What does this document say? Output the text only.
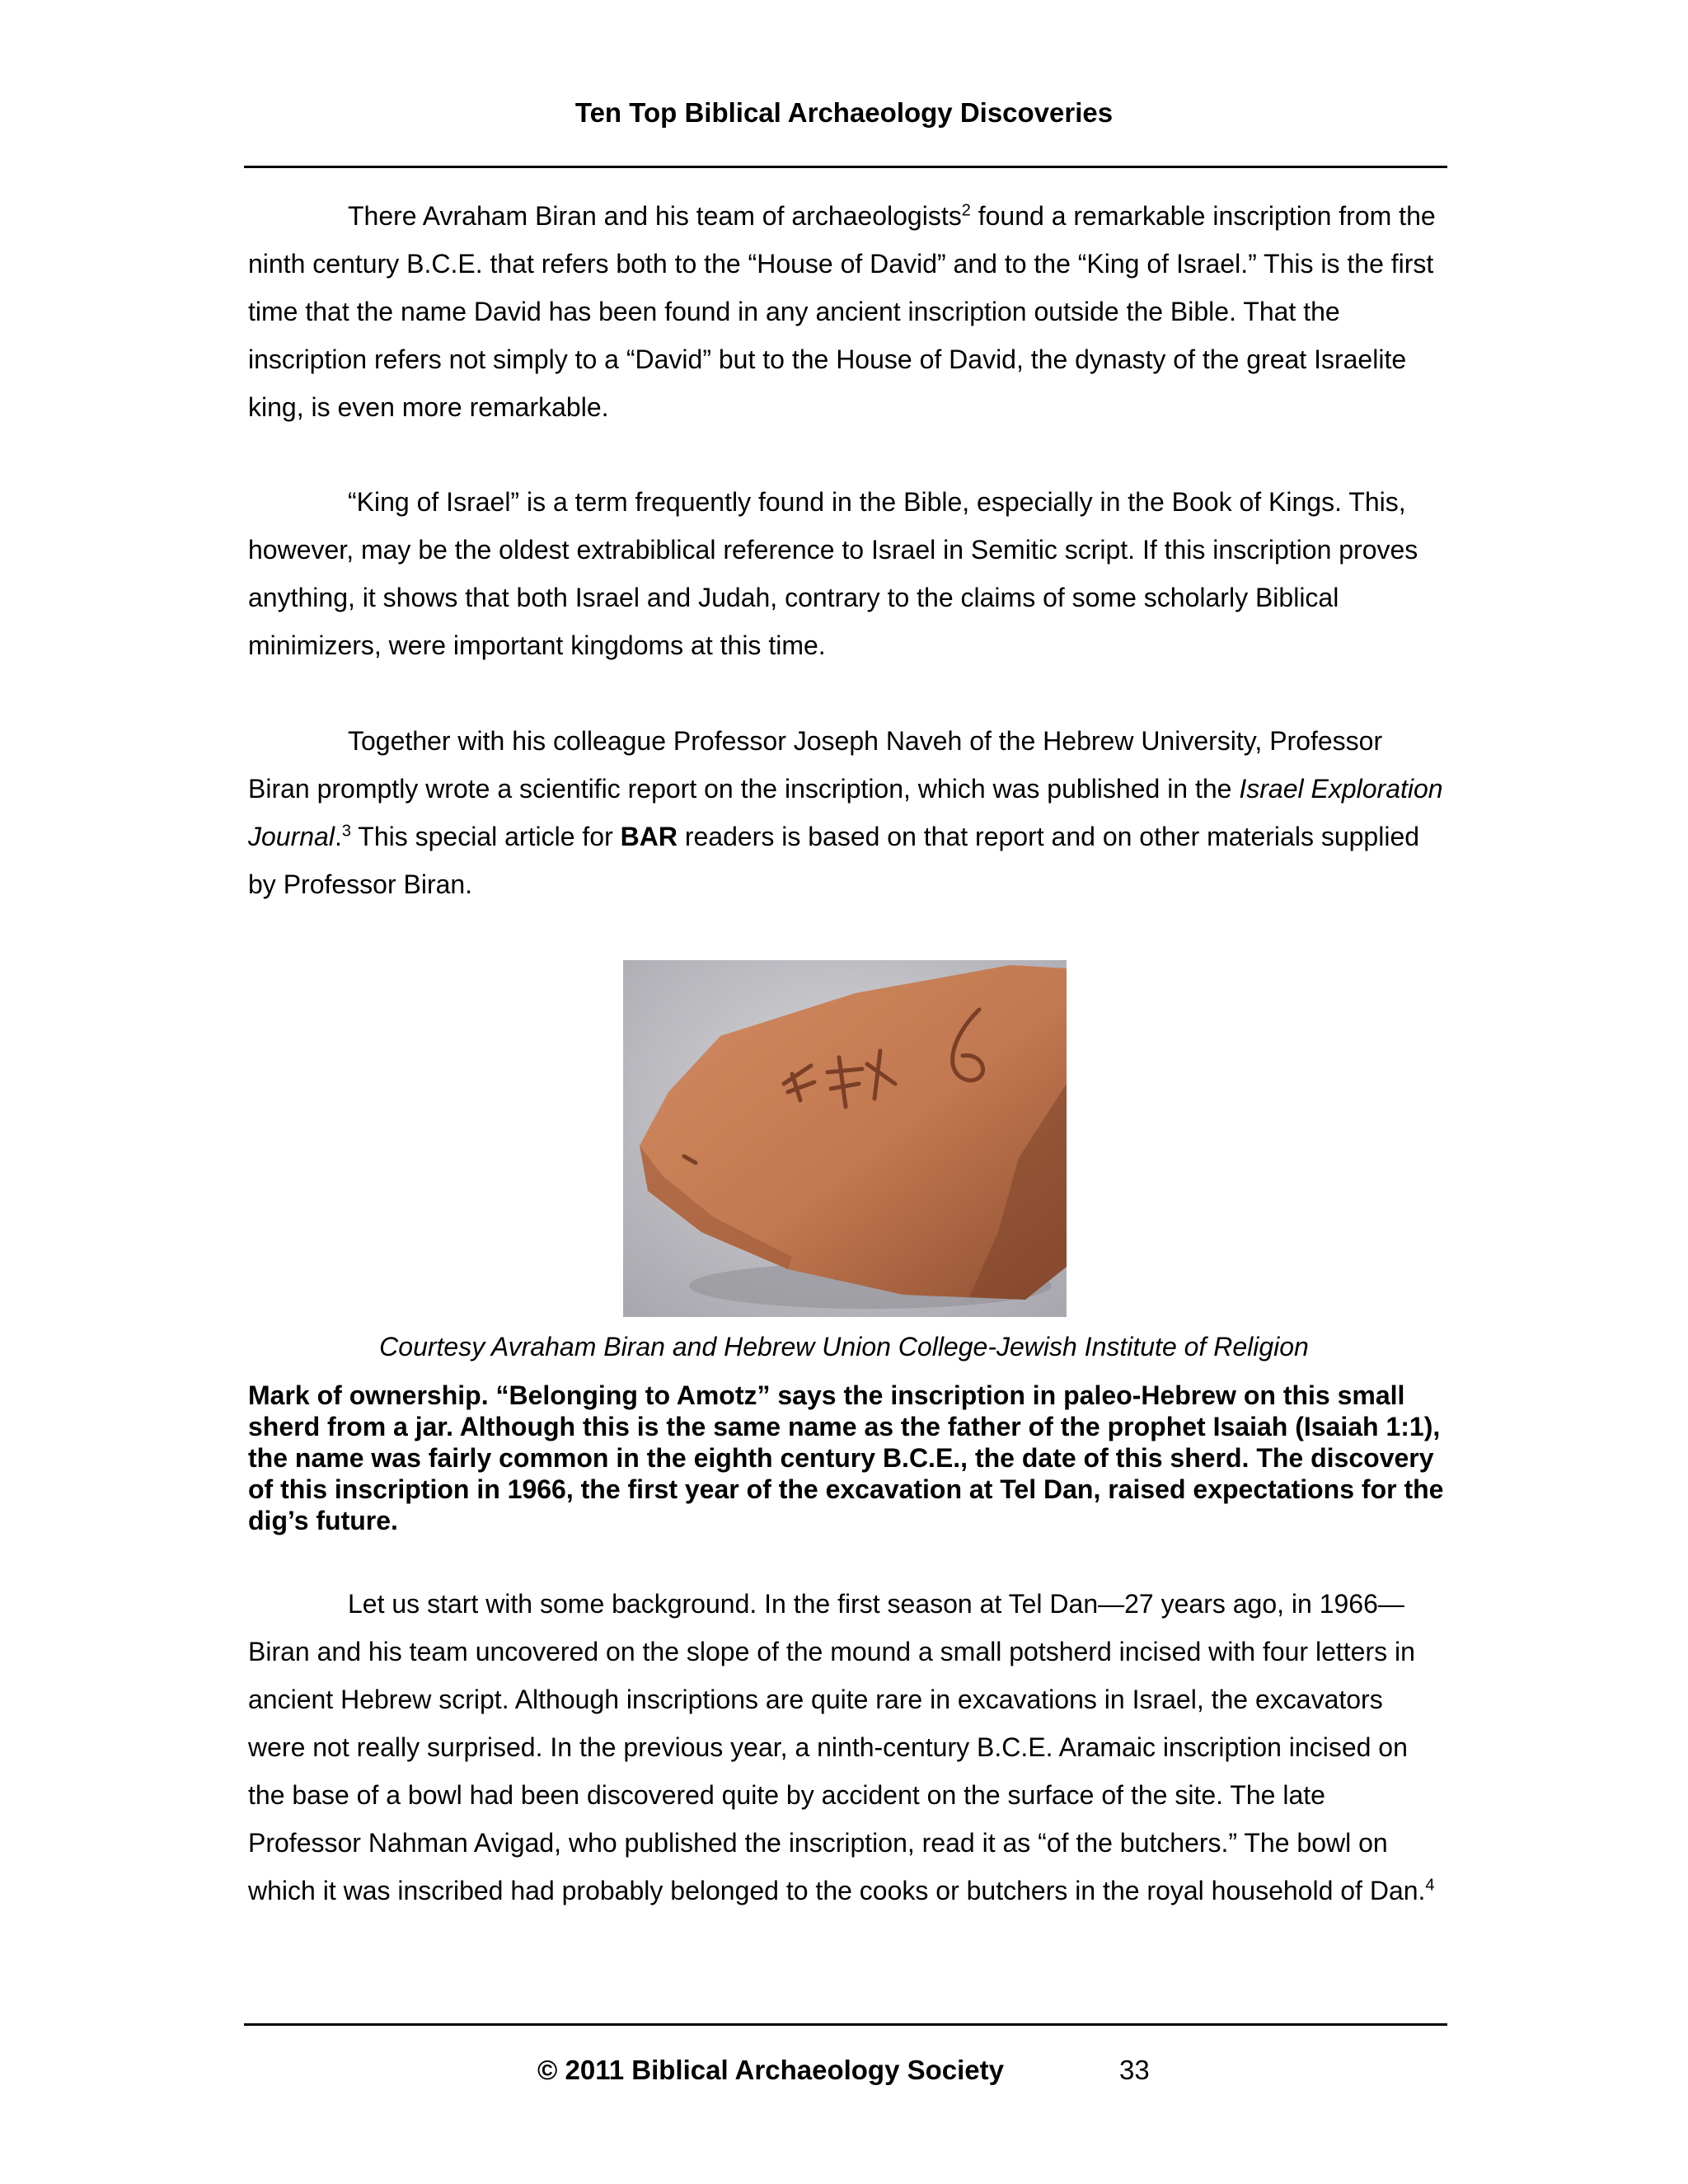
Ten Top Biblical Archaeology Discoveries

There Avraham Biran and his team of archaeologists$^2$ found a remarkable inscription from the ninth century B.C.E. that refers both to the “House of David” and to the “King of Israel.” This is the first time that the name David has been found in any ancient inscription outside the Bible. That the inscription refers not simply to a “David” but to the House of David, the dynasty of the great Israelite king, is even more remarkable.

“King of Israel” is a term frequently found in the Bible, especially in the Book of Kings. This, however, may be the oldest extrabiblical reference to Israel in Semitic script. If this inscription proves anything, it shows that both Israel and Judah, contrary to the claims of some scholarly Biblical minimizers, were important kingdoms at this time.

Together with his colleague Professor Joseph Naveh of the Hebrew University, Professor Biran promptly wrote a scientific report on the inscription, which was published in the Israel Exploration Journal.$^3$ This special article for BAR readers is based on that report and on other materials supplied by Professor Biran.

Courtesy Avraham Biran and Hebrew Union College-Jewish Institute of Religion
Mark of ownership. “Belonging to Amotz” says the inscription in paleo-Hebrew on this small sherd from a jar. Although this is the same name as the father of the prophet Isaiah (Isaiah 1:1), the name was fairly common in the eighth century B.C.E., the date of this sherd. The discovery of this inscription in 1966, the first year of the excavation at Tel Dan, raised expectations for the dig’s future.

Let us start with some background. In the first season at Tel Dan—27 years ago, in 1966—Biran and his team uncovered on the slope of the mound a small potsherd incised with four letters in ancient Hebrew script. Although inscriptions are quite rare in excavations in Israel, the excavators were not really surprised. In the previous year, a ninth-century B.C.E. Aramaic inscription incised on the base of a bowl had been discovered quite by accident on the surface of the site. The late Professor Nahman Avigad, who published the inscription, read it as “of the butchers.” The bowl on which it was inscribed had probably belonged to the cooks or butchers in the royal household of Dan.$^4$

© 2011 Biblical Archaeology Society	33
